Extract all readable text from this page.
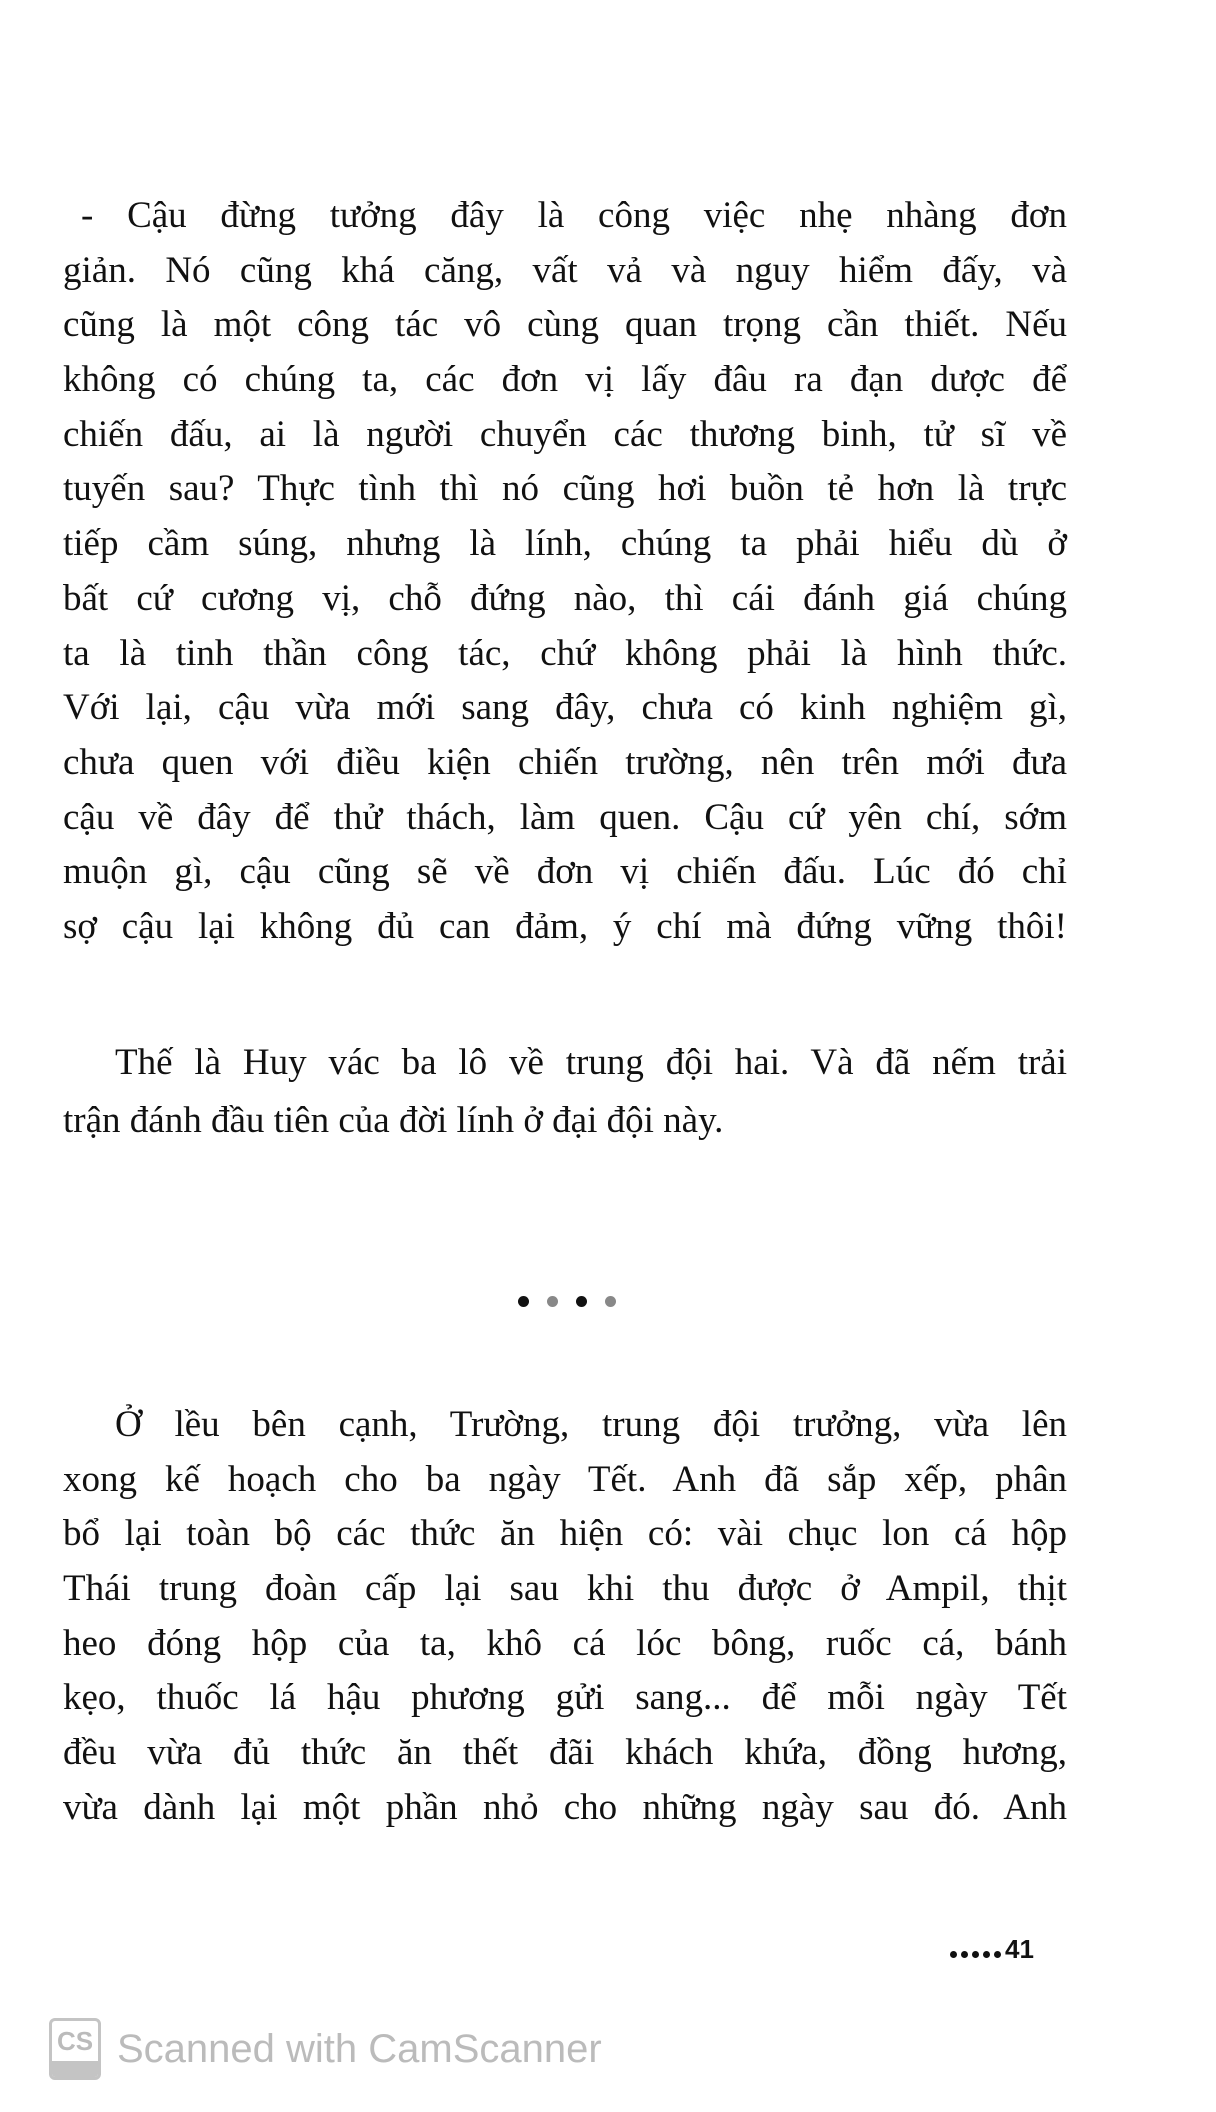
- Cậu đừng tưởng đây là công việc nhẹ nhàng đơn
giản. Nó cũng khá căng, vất vả và nguy hiểm đấy, và
cũng là một công tác vô cùng quan trọng cần thiết. Nếu
không có chúng ta, các đơn vị lấy đâu ra đạn dược để
chiến đấu, ai là người chuyển các thương binh, tử sĩ về
tuyến sau? Thực tình thì nó cũng hơi buồn tẻ hơn là trực
tiếp cầm súng, nhưng là lính, chúng ta phải hiểu dù ở
bất cứ cương vị, chỗ đứng nào, thì cái đánh giá chúng
ta là tinh thần công tác, chứ không phải là hình thức.
Với lại, cậu vừa mới sang đây, chưa có kinh nghiệm gì,
chưa quen với điều kiện chiến trường, nên trên mới đưa
cậu về đây để thử thách, làm quen. Cậu cứ yên chí, sớm
muộn gì, cậu cũng sẽ về đơn vị chiến đấu. Lúc đó chỉ
sợ cậu lại không đủ can đảm, ý chí mà đứng vững thôi!
Thế là Huy vác ba lô về trung đội hai. Và đã nếm trải
trận đánh đầu tiên của đời lính ở đại đội này.
Ở lều bên cạnh, Trường, trung đội trưởng, vừa lên
xong kế hoạch cho ba ngày Tết. Anh đã sắp xếp, phân
bổ lại toàn bộ các thức ăn hiện có: vài chục lon cá hộp
Thái trung đoàn cấp lại sau khi thu được ở Ampil, thịt
heo đóng hộp của ta, khô cá lóc bông, ruốc cá, bánh
kẹo, thuốc lá hậu phương gửi sang... để mỗi ngày Tết
đều vừa đủ thức ăn thết đãi khách khứa, đồng hương,
vừa dành lại một phần nhỏ cho những ngày sau đó. Anh
41
CS Scanned with CamScanner
